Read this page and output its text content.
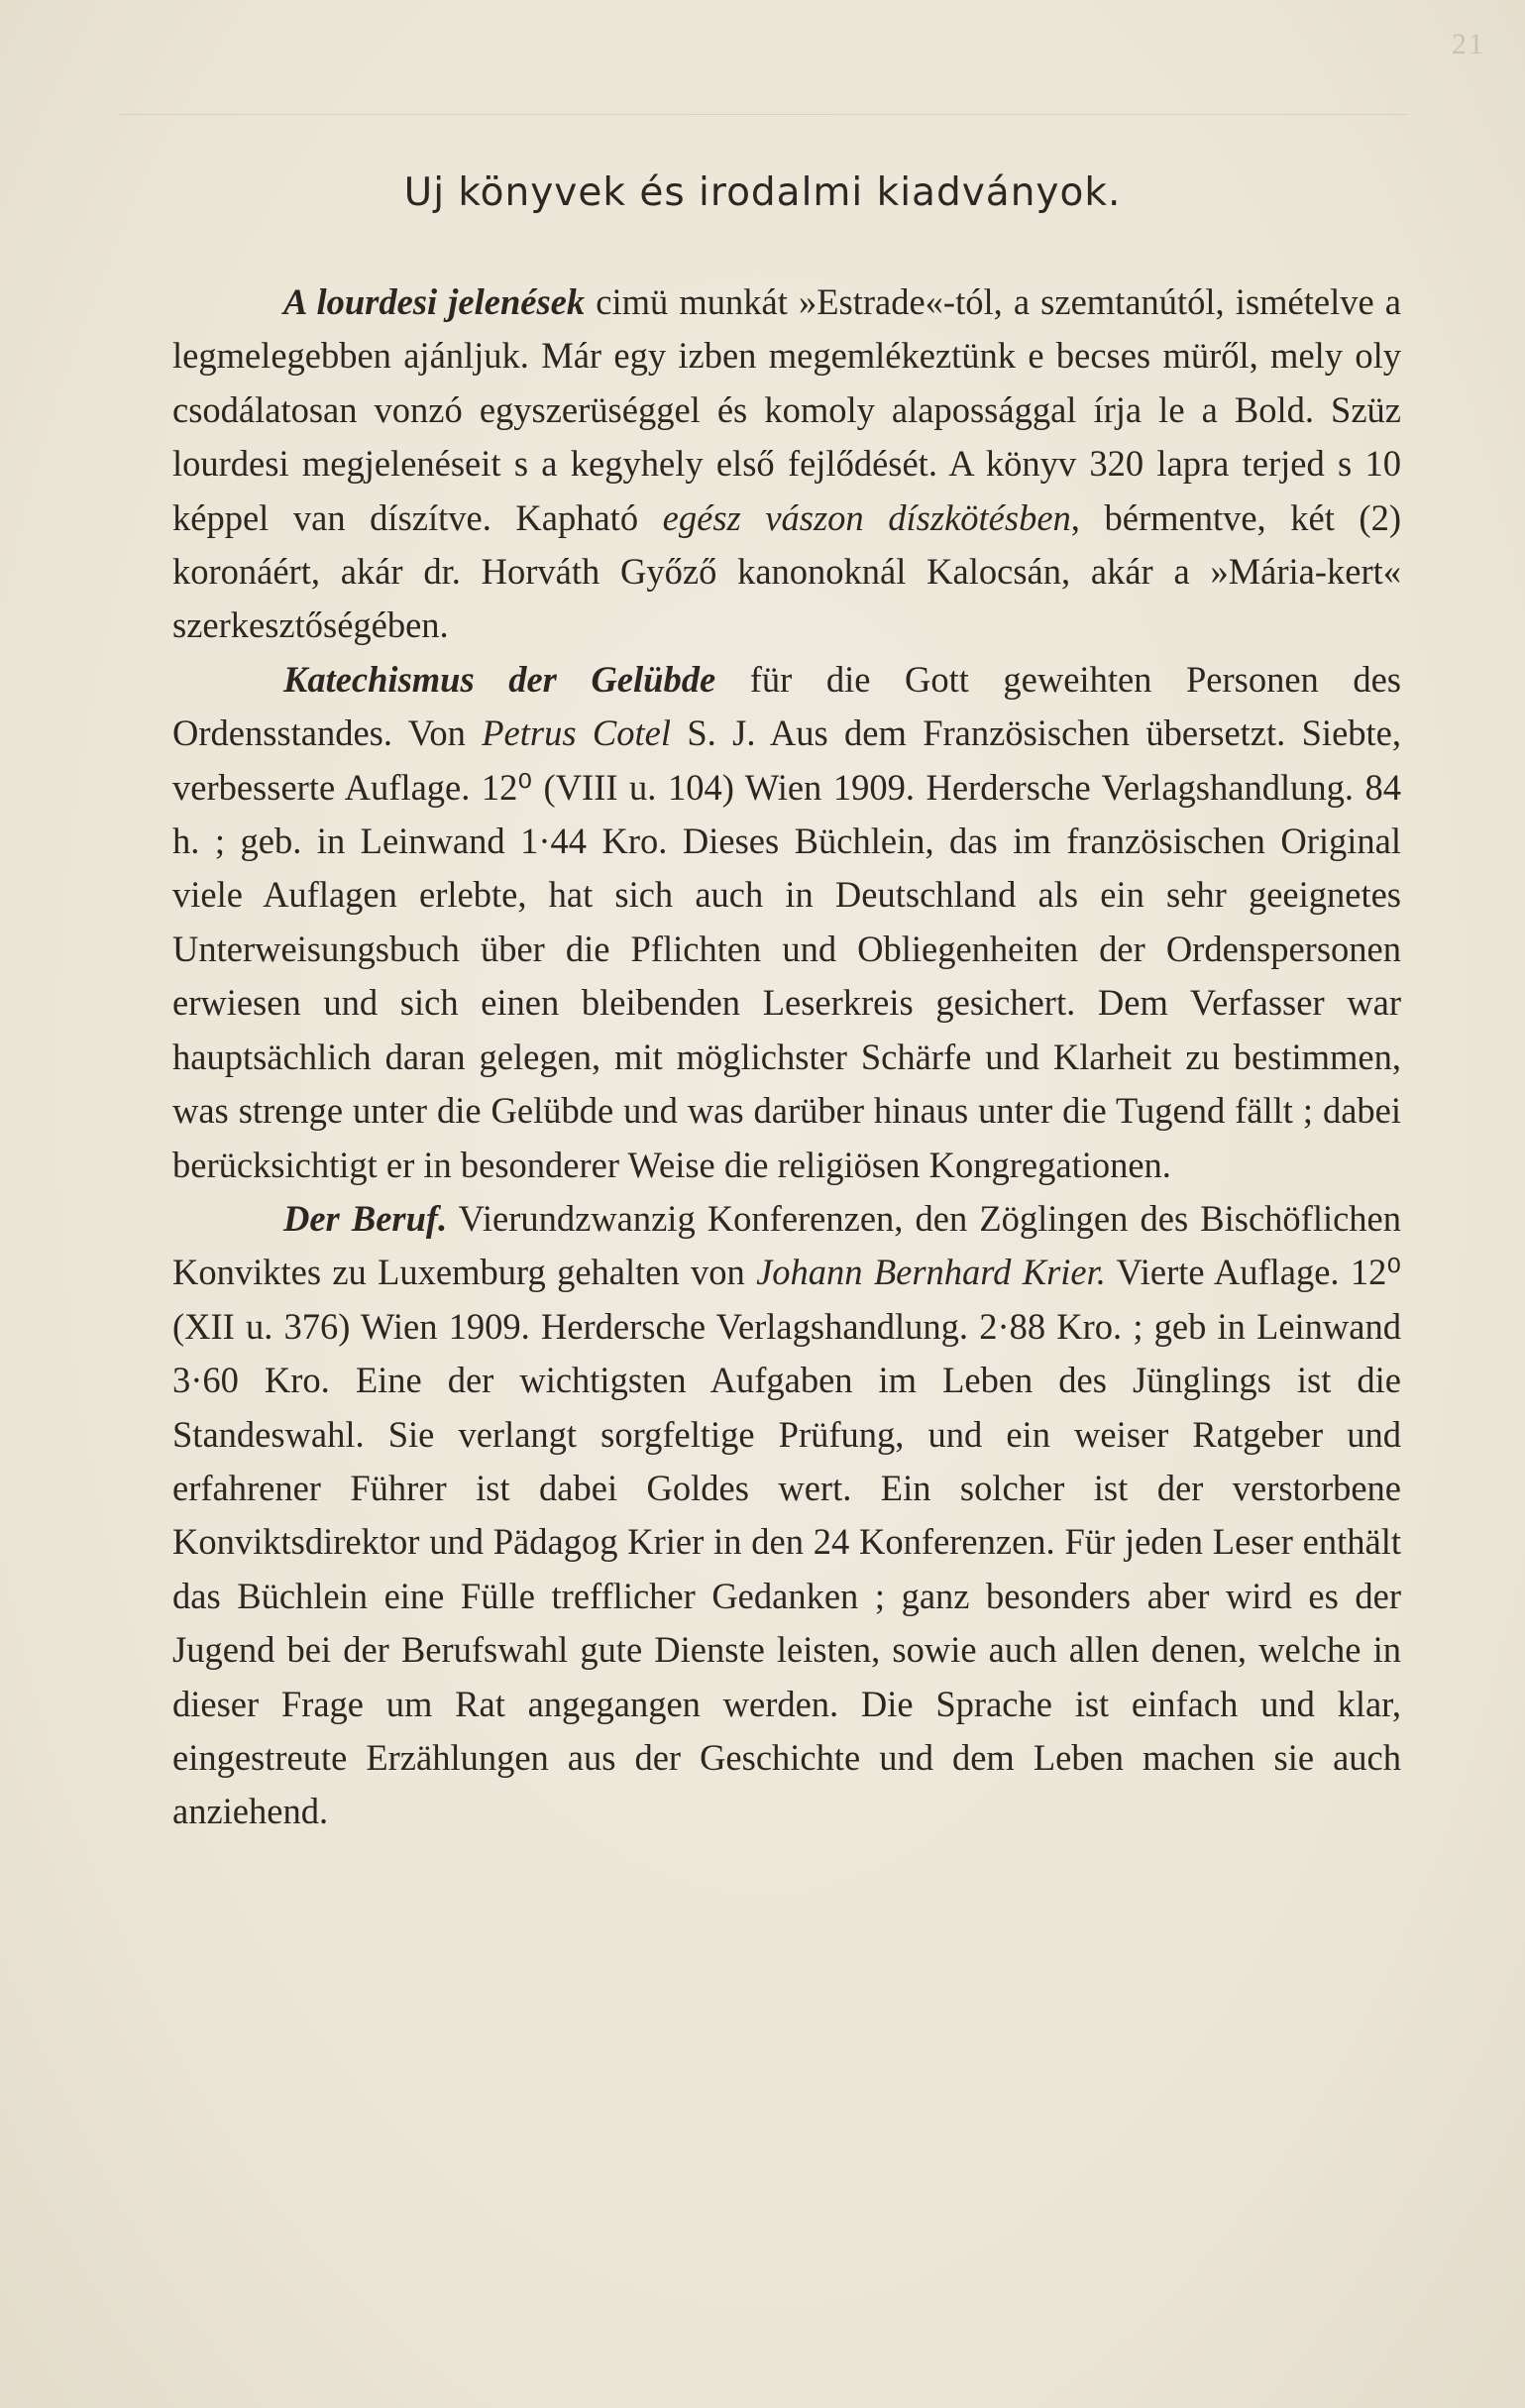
21
Uj könyvek és irodalmi kiadványok.

A lourdesi jelenések cimü munkát »Estrade«-tól, a szemtanútól, ismételve a legmelegebben ajánljuk. Már egy izben megemlékeztünk e becses müről, mely oly csodálatosan vonzó egyszerüséggel és komoly alapossággal írja le a Bold. Szüz lourdesi megjelenéseit s a kegyhely első fejlődését. A könyv 320 lapra terjed s 10 képpel van díszítve. Kapható egész vászon díszkötésben, bérmentve, két (2) koronáért, akár dr. Horváth Győző kanonoknál Kalocsán, akár a »Mária-kert« szerkesztőségében.

Katechismus der Gelübde für die Gott geweihten Personen des Ordensstandes. Von Petrus Cotel S. J. Aus dem Französischen übersetzt. Siebte, verbesserte Auflage. 12⁰ (VIII u. 104) Wien 1909. Herdersche Verlagshandlung. 84 h. ; geb. in Leinwand 1·44 Kro. Dieses Büchlein, das im französischen Original viele Auflagen erlebte, hat sich auch in Deutschland als ein sehr geeignetes Unterweisungsbuch über die Pflichten und Obliegenheiten der Ordenspersonen erwiesen und sich einen bleibenden Leserkreis gesichert. Dem Verfasser war hauptsächlich daran gelegen, mit möglichster Schärfe und Klarheit zu bestimmen, was strenge unter die Gelübde und was darüber hinaus unter die Tugend fällt ; dabei berücksichtigt er in besonderer Weise die religiösen Kongregationen.

Der Beruf. Vierundzwanzig Konferenzen, den Zöglingen des Bischöflichen Konviktes zu Luxemburg gehalten von Johann Bernhard Krier. Vierte Auflage. 12⁰ (XII u. 376) Wien 1909. Herdersche Verlagshandlung. 2·88 Kro. ; geb in Leinwand 3·60 Kro. Eine der wichtigsten Aufgaben im Leben des Jünglings ist die Standeswahl. Sie verlangt sorgfeltige Prüfung, und ein weiser Ratgeber und erfahrener Führer ist dabei Goldes wert. Ein solcher ist der verstorbene Konviktsdirektor und Pädagog Krier in den 24 Konferenzen. Für jeden Leser enthält das Büchlein eine Fülle trefflicher Gedanken ; ganz besonders aber wird es der Jugend bei der Berufswahl gute Dienste leisten, sowie auch allen denen, welche in dieser Frage um Rat angegangen werden. Die Sprache ist einfach und klar, eingestreute Erzählungen aus der Geschichte und dem Leben machen sie auch anziehend.
